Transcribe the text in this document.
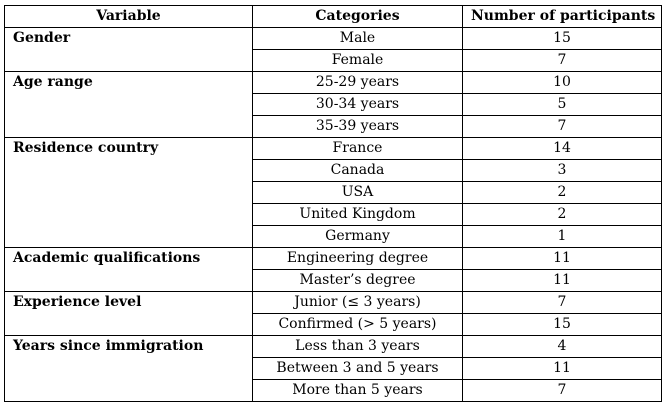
Variable	Categories	Number of participants
Gender	Male	15
	Female	7
Age range	25-29 years	10
	30-34 years	5
	35-39 years	7
Residence country	France	14
	Canada	3
	USA	2
	United Kingdom	2
	Germany	1
Academic qualifications	Engineering degree	11
	Master’s degree	11
Experience level	Junior (≤ 3 years)	7
	Confirmed (> 5 years)	15
Years since immigration	Less than 3 years	4
	Between 3 and 5 years	11
	More than 5 years	7
